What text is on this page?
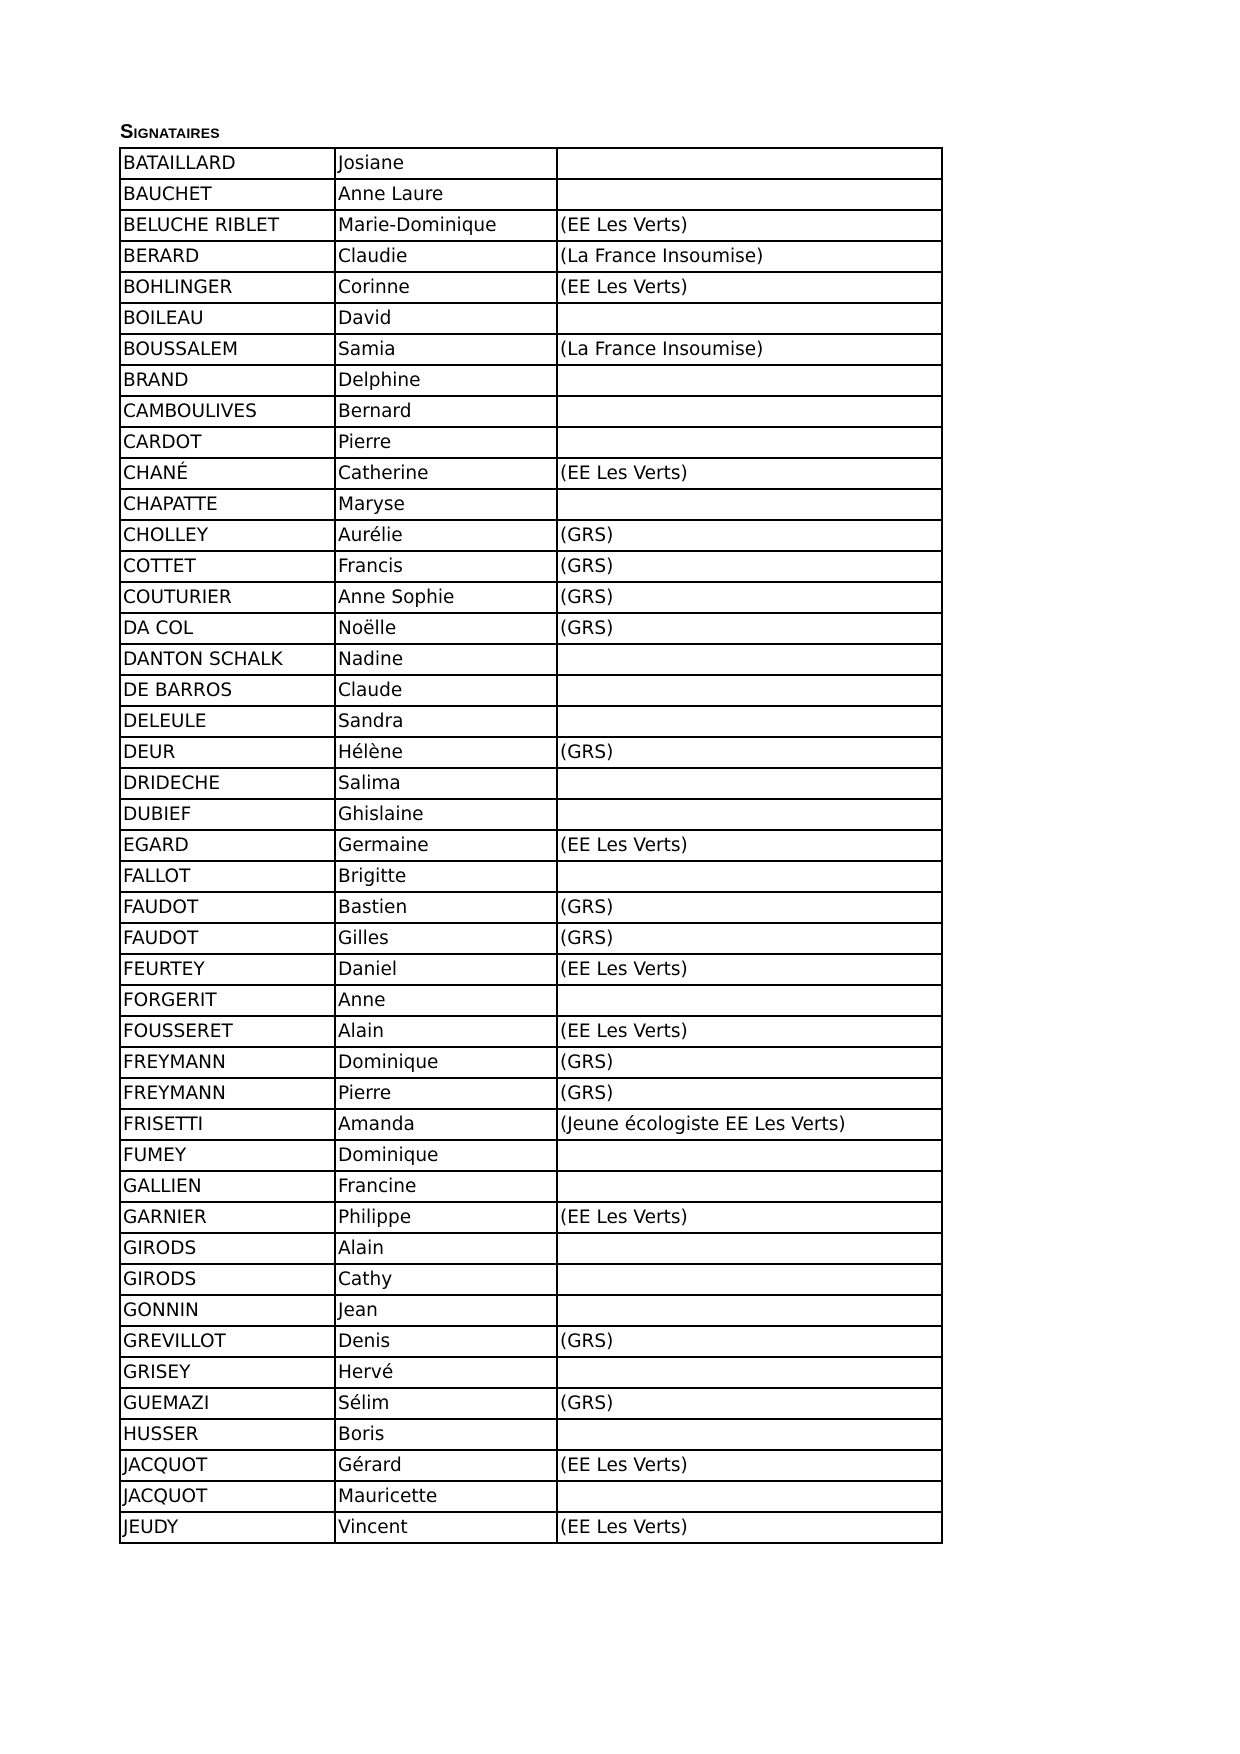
Signataires
BATAILLARD	Josiane	
BAUCHET	Anne Laure	
BELUCHE RIBLET	Marie-Dominique	(EE Les Verts)
BERARD	Claudie	(La France Insoumise)
BOHLINGER	Corinne	(EE Les Verts)
BOILEAU	David	
BOUSSALEM	Samia	(La France Insoumise)
BRAND	Delphine	
CAMBOULIVES	Bernard	
CARDOT	Pierre	
CHANÉ	Catherine	(EE Les Verts)
CHAPATTE	Maryse	
CHOLLEY	Aurélie	(GRS)
COTTET	Francis	(GRS)
COUTURIER	Anne Sophie	(GRS)
DA COL	Noëlle	(GRS)
DANTON SCHALK	Nadine	
DE BARROS	Claude	
DELEULE	Sandra	
DEUR	Hélène	(GRS)
DRIDECHE	Salima	
DUBIEF	Ghislaine	
EGARD	Germaine	(EE Les Verts)
FALLOT	Brigitte	
FAUDOT	Bastien	(GRS)
FAUDOT	Gilles	(GRS)
FEURTEY	Daniel	(EE Les Verts)
FORGERIT	Anne	
FOUSSERET	Alain	(EE Les Verts)
FREYMANN	Dominique	(GRS)
FREYMANN	Pierre	(GRS)
FRISETTI	Amanda	(Jeune écologiste EE Les Verts)
FUMEY	Dominique	
GALLIEN	Francine	
GARNIER	Philippe	(EE Les Verts)
GIRODS	Alain	
GIRODS	Cathy	
GONNIN	Jean	
GREVILLOT	Denis	(GRS)
GRISEY	Hervé	
GUEMAZI	Sélim	(GRS)
HUSSER	Boris	
JACQUOT	Gérard	(EE Les Verts)
JACQUOT	Mauricette	
JEUDY	Vincent	(EE Les Verts)
